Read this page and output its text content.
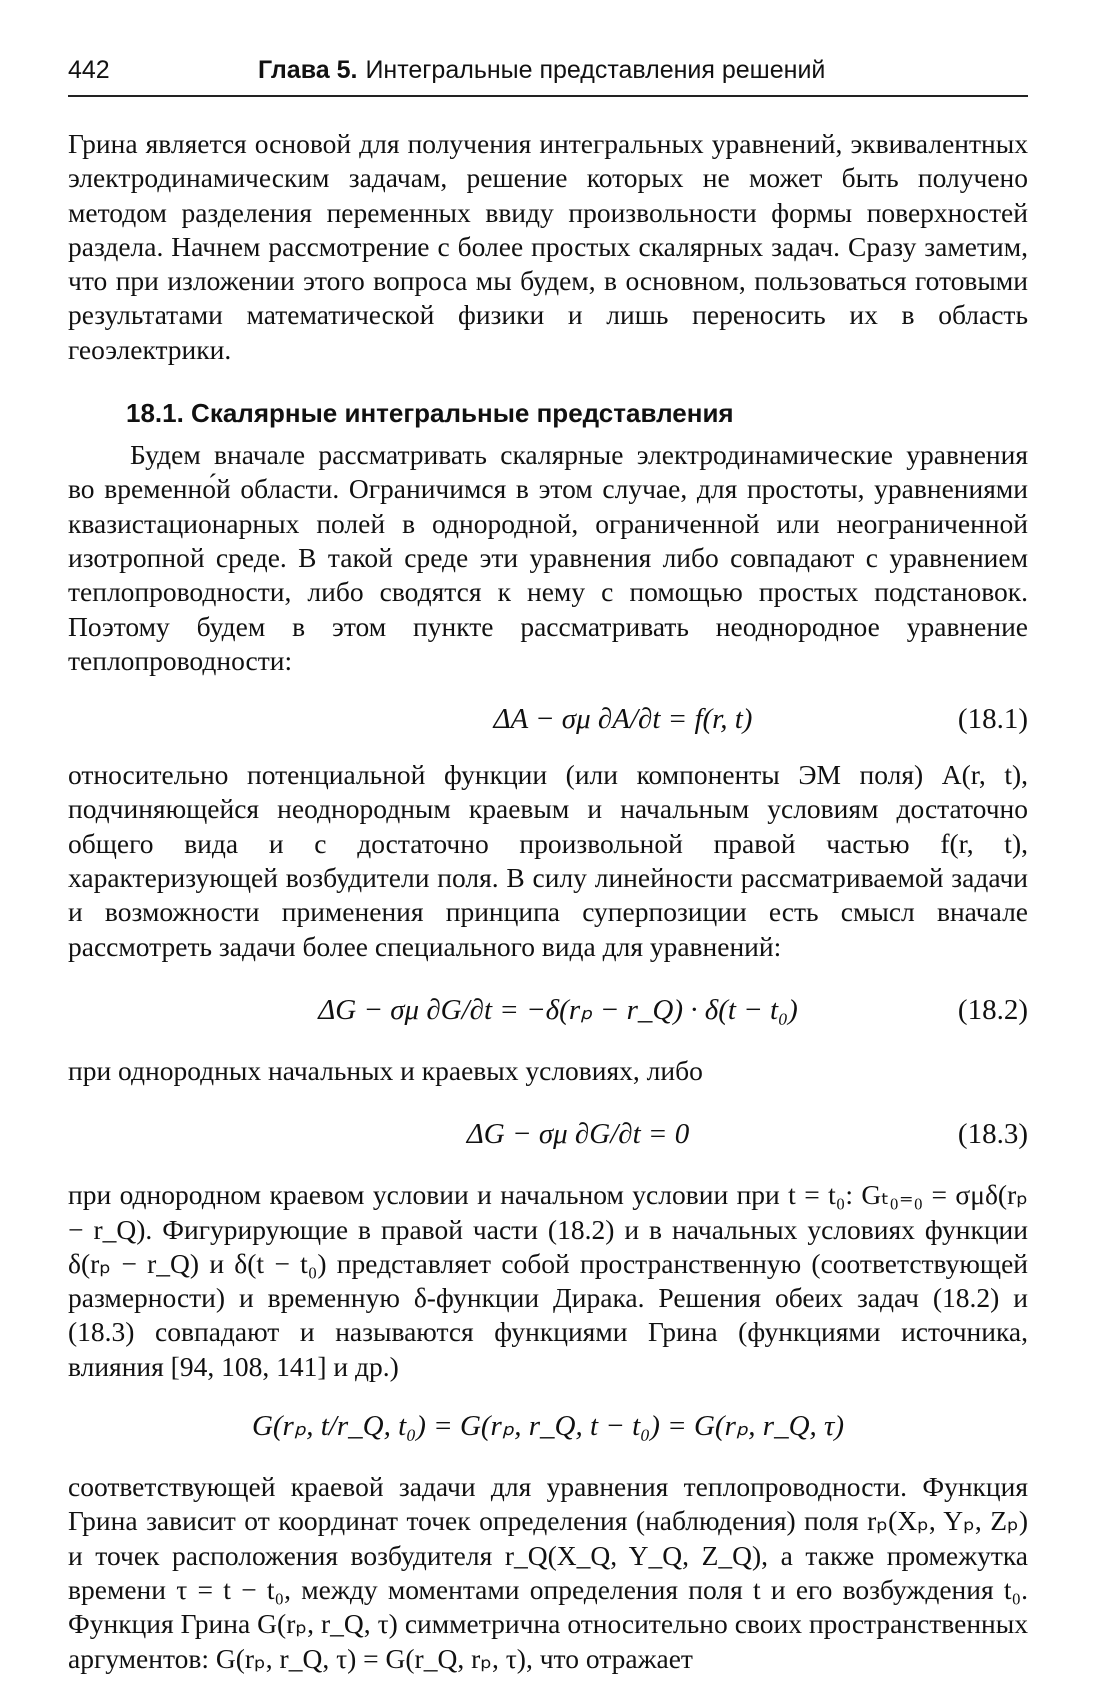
442	Глава 5. Интегральные представления решений

Грина является основой для получения интегральных уравнений, эквивалентных электродинамическим задачам, решение которых не может быть получено методом разделения переменных ввиду произвольности формы поверхностей раздела. Начнем рассмотрение с более простых скалярных задач. Сразу заметим, что при изложении этого вопроса мы будем, в основном, пользоваться готовыми результатами математической физики и лишь переносить их в область геоэлектрики.

18.1. Скалярные интегральные представления

Будем вначале рассматривать скалярные электродинамические уравнения во временно́й области. Ограничимся в этом случае, для простоты, уравнениями квазистационарных полей в однородной, ограниченной или неограниченной изотропной среде. В такой среде эти уравнения либо совпадают с уравнением теплопроводности, либо сводятся к нему с помощью простых подстановок. Поэтому будем в этом пункте рассматривать неоднородное уравнение теплопроводности:

ΔA − σμ ∂A/∂t = f(r, t)	(18.1)

относительно потенциальной функции (или компоненты ЭМ поля) A(r, t), подчиняющейся неоднородным краевым и начальным условиям достаточно общего вида и с достаточно произвольной правой частью f(r, t), характеризующей возбудители поля. В силу линейности рассматриваемой задачи и возможности применения принципа суперпозиции есть смысл вначале рассмотреть задачи более специального вида для уравнений:

ΔG − σμ ∂G/∂t = −δ(rₚ − r_Q) · δ(t − t₀)	(18.2)

при однородных начальных и краевых условиях, либо

ΔG − σμ ∂G/∂t = 0	(18.3)

при однородном краевом условии и начальном условии при t = t₀: Gₜ₀₌₀ = σμδ(rₚ − r_Q). Фигурирующие в правой части (18.2) и в начальных условиях функции δ(rₚ − r_Q) и δ(t − t₀) представляет собой пространственную (соответствующей размерности) и временную δ-функции Дирака. Решения обеих задач (18.2) и (18.3) совпадают и называются функциями Грина (функциями источника, влияния [94, 108, 141] и др.)

G(rₚ, t/r_Q, t₀) = G(rₚ, r_Q, t − t₀) = G(rₚ, r_Q, τ)

соответствующей краевой задачи для уравнения теплопроводности. Функция Грина зависит от координат точек определения (наблюдения) поля rₚ(Xₚ, Yₚ, Zₚ) и точек расположения возбудителя r_Q(X_Q, Y_Q, Z_Q), а также промежутка времени τ = t − t₀, между моментами определения поля t и его возбуждения t₀. Функция Грина G(rₚ, r_Q, τ) симметрична относительно своих пространственных аргументов: G(rₚ, r_Q, τ) = G(r_Q, rₚ, τ), что отражает
